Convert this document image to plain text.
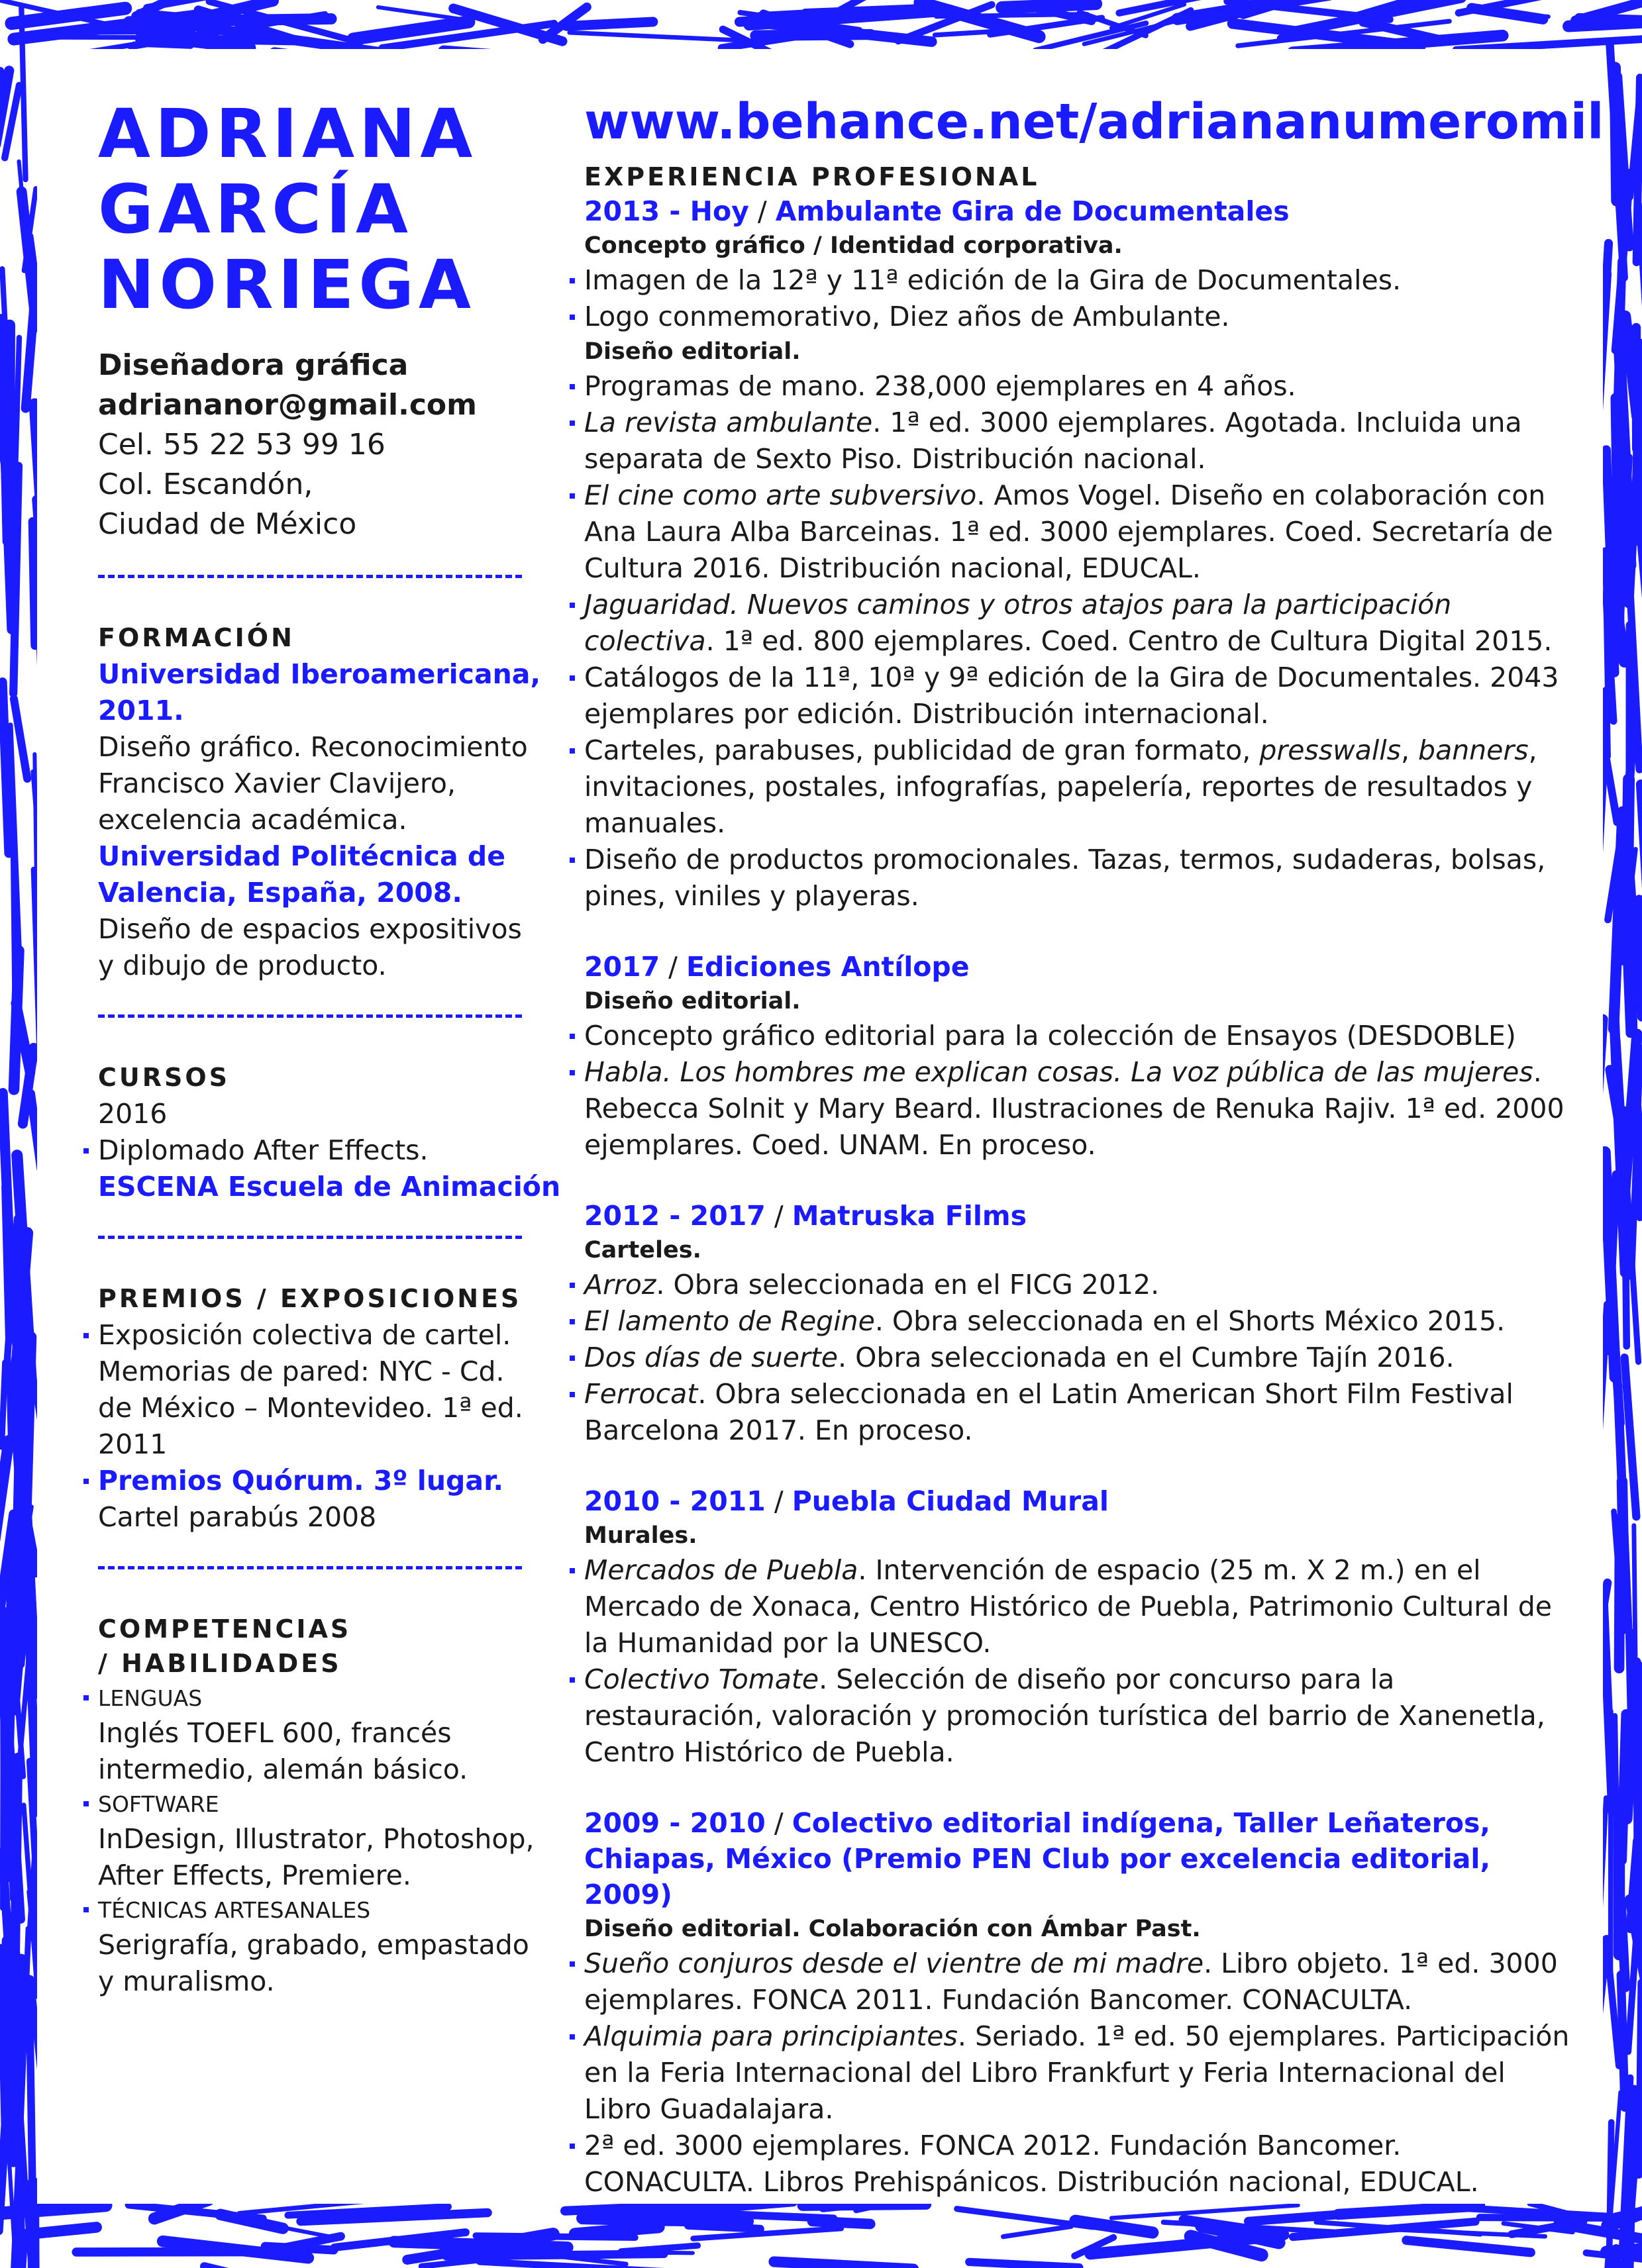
ADRIANA
GARCÍA
NORIEGA
Diseñadora gráfica
adriananor@gmail.com
Cel. 55 22 53 99 16
Col. Escandón,
Ciudad de México
FORMACIÓN
Universidad Iberoamericana,
2011.
Diseño gráfico. Reconocimiento
Francisco Xavier Clavijero,
excelencia académica.
Universidad Politécnica de
Valencia, España, 2008.
Diseño de espacios expositivos
y dibujo de producto.
CURSOS
2016
Diplomado After Effects.
ESCENA Escuela de Animación
PREMIOS / EXPOSICIONES
Exposición colectiva de cartel.
Memorias de pared: NYC - Cd.
de México – Montevideo. 1ª ed.
2011
Premios Quórum. 3º lugar.
Cartel parabús 2008
COMPETENCIAS
/ HABILIDADES
LENGUAS
Inglés TOEFL 600, francés
intermedio, alemán básico.
SOFTWARE
InDesign, Illustrator, Photoshop,
After Effects, Premiere.
TÉCNICAS ARTESANALES
Serigrafía, grabado, empastado
y muralismo.
www.behance.net/adriananumeromil
EXPERIENCIA PROFESIONAL
2013 - Hoy / Ambulante Gira de Documentales
Concepto gráfico / Identidad corporativa.
Imagen de la 12ª y 11ª edición de la Gira de Documentales.
Logo conmemorativo, Diez años de Ambulante.
Diseño editorial.
Programas de mano. 238,000 ejemplares en 4 años.
La revista ambulante. 1ª ed. 3000 ejemplares. Agotada. Incluida una separata de Sexto Piso. Distribución nacional.
El cine como arte subversivo. Amos Vogel. Diseño en colaboración con Ana Laura Alba Barceinas. 1ª ed. 3000 ejemplares. Coed. Secretaría de Cultura 2016. Distribución nacional, EDUCAL.
Jaguaridad. Nuevos caminos y otros atajos para la participación colectiva. 1ª ed. 800 ejemplares. Coed. Centro de Cultura Digital 2015.
Catálogos de la 11ª, 10ª y 9ª edición de la Gira de Documentales. 2043 ejemplares por edición. Distribución internacional.
Carteles, parabuses, publicidad de gran formato, presswalls, banners, invitaciones, postales, infografías, papelería, reportes de resultados y manuales.
Diseño de productos promocionales. Tazas, termos, sudaderas, bolsas, pines, viniles y playeras.
2017 / Ediciones Antílope
Diseño editorial.
Concepto gráfico editorial para la colección de Ensayos (DESDOBLE)
Habla. Los hombres me explican cosas. La voz pública de las mujeres. Rebecca Solnit y Mary Beard. Ilustraciones de Renuka Rajiv. 1ª ed. 2000 ejemplares. Coed. UNAM. En proceso.
2012 - 2017 / Matruska Films
Carteles.
Arroz. Obra seleccionada en el FICG 2012.
El lamento de Regine. Obra seleccionada en el Shorts México 2015.
Dos días de suerte. Obra seleccionada en el Cumbre Tajín 2016.
Ferrocat. Obra seleccionada en el Latin American Short Film Festival Barcelona 2017. En proceso.
2010 - 2011 / Puebla Ciudad Mural
Murales.
Mercados de Puebla. Intervención de espacio (25 m. X 2 m.) en el Mercado de Xonaca, Centro Histórico de Puebla, Patrimonio Cultural de la Humanidad por la UNESCO.
Colectivo Tomate. Selección de diseño por concurso para la restauración, valoración y promoción turística del barrio de Xanenetla, Centro Histórico de Puebla.
2009 - 2010 / Colectivo editorial indígena, Taller Leñateros, Chiapas, México (Premio PEN Club por excelencia editorial, 2009)
Diseño editorial. Colaboración con Ámbar Past.
Sueño conjuros desde el vientre de mi madre. Libro objeto. 1ª ed. 3000 ejemplares. FONCA 2011. Fundación Bancomer. CONACULTA.
Alquimia para principiantes. Seriado. 1ª ed. 50 ejemplares. Participación en la Feria Internacional del Libro Frankfurt y Feria Internacional del Libro Guadalajara.
2ª ed. 3000 ejemplares. FONCA 2012. Fundación Bancomer. CONACULTA. Libros Prehispánicos. Distribución nacional, EDUCAL.
